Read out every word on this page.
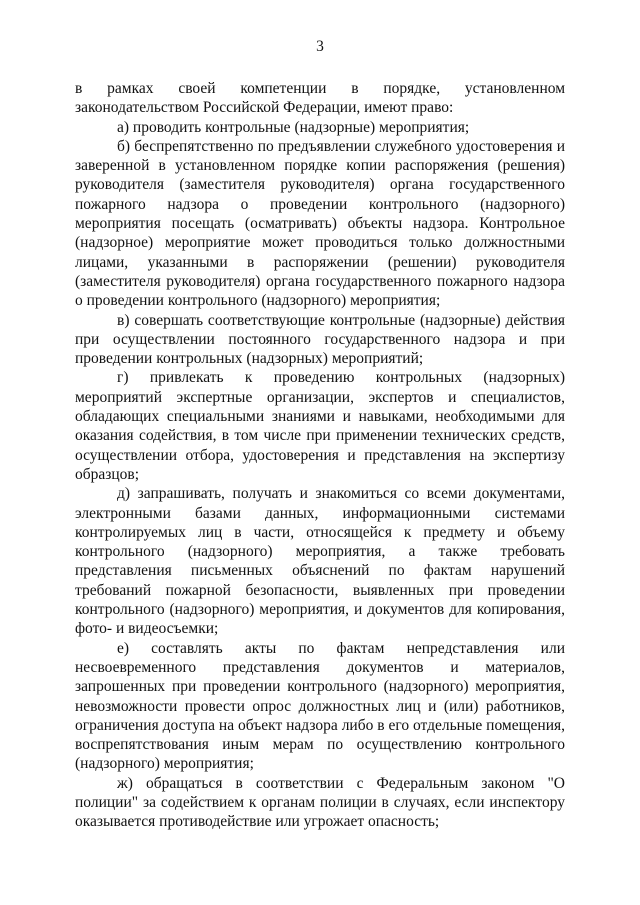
3

в рамках своей компетенции в порядке, установленном законодательством Российской Федерации, имеют право:

а) проводить контрольные (надзорные) мероприятия;

б) беспрепятственно по предъявлении служебного удостоверения и заверенной в установленном порядке копии распоряжения (решения) руководителя (заместителя руководителя) органа государственного пожарного надзора о проведении контрольного (надзорного) мероприятия посещать (осматривать) объекты надзора. Контрольное (надзорное) мероприятие может проводиться только должностными лицами, указанными в распоряжении (решении) руководителя (заместителя руководителя) органа государственного пожарного надзора о проведении контрольного (надзорного) мероприятия;

в) совершать соответствующие контрольные (надзорные) действия при осуществлении постоянного государственного надзора и при проведении контрольных (надзорных) мероприятий;

г) привлекать к проведению контрольных (надзорных) мероприятий экспертные организации, экспертов и специалистов, обладающих специальными знаниями и навыками, необходимыми для оказания содействия, в том числе при применении технических средств, осуществлении отбора, удостоверения и представления на экспертизу образцов;

д) запрашивать, получать и знакомиться со всеми документами, электронными базами данных, информационными системами контролируемых лиц в части, относящейся к предмету и объему контрольного (надзорного) мероприятия, а также требовать представления письменных объяснений по фактам нарушений требований пожарной безопасности, выявленных при проведении контрольного (надзорного) мероприятия, и документов для копирования, фото- и видеосъемки;

е) составлять акты по фактам непредставления или несвоевременного представления документов и материалов, запрошенных при проведении контрольного (надзорного) мероприятия, невозможности провести опрос должностных лиц и (или) работников, ограничения доступа на объект надзора либо в его отдельные помещения, воспрепятствования иным мерам по осуществлению контрольного (надзорного) мероприятия;

ж) обращаться в соответствии с Федеральным законом "О полиции" за содействием к органам полиции в случаях, если инспектору оказывается противодействие или угрожает опасность;
